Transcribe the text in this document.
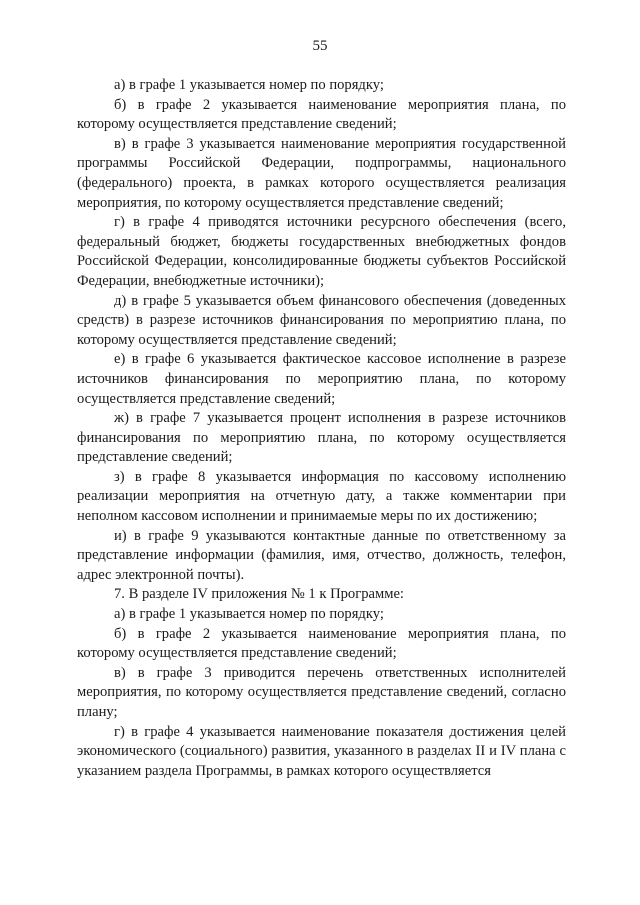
55

а) в графе 1 указывается номер по порядку;

б) в графе 2 указывается наименование мероприятия плана, по которому осуществляется представление сведений;

в) в графе 3 указывается наименование мероприятия государственной программы Российской Федерации, подпрограммы, национального (федерального) проекта, в рамках которого осуществляется реализация мероприятия, по которому осуществляется представление сведений;

г) в графе 4 приводятся источники ресурсного обеспечения (всего, федеральный бюджет, бюджеты государственных внебюджетных фондов Российской Федерации, консолидированные бюджеты субъектов Российской Федерации, внебюджетные источники);

д) в графе 5 указывается объем финансового обеспечения (доведенных средств) в разрезе источников финансирования по мероприятию плана, по которому осуществляется представление сведений;

е) в графе 6 указывается фактическое кассовое исполнение в разрезе источников финансирования по мероприятию плана, по которому осуществляется представление сведений;

ж) в графе 7 указывается процент исполнения в разрезе источников финансирования по мероприятию плана, по которому осуществляется представление сведений;

з) в графе 8 указывается информация по кассовому исполнению реализации мероприятия на отчетную дату, а также комментарии при неполном кассовом исполнении и принимаемые меры по их достижению;

и) в графе 9 указываются контактные данные по ответственному за представление информации (фамилия, имя, отчество, должность, телефон, адрес электронной почты).

7. В разделе IV приложения № 1 к Программе:

а) в графе 1 указывается номер по порядку;

б) в графе 2 указывается наименование мероприятия плана, по которому осуществляется представление сведений;

в) в графе 3 приводится перечень ответственных исполнителей мероприятия, по которому осуществляется представление сведений, согласно плану;

г) в графе 4 указывается наименование показателя достижения целей экономического (социального) развития, указанного в разделах II и IV плана с указанием раздела Программы, в рамках которого осуществляется
